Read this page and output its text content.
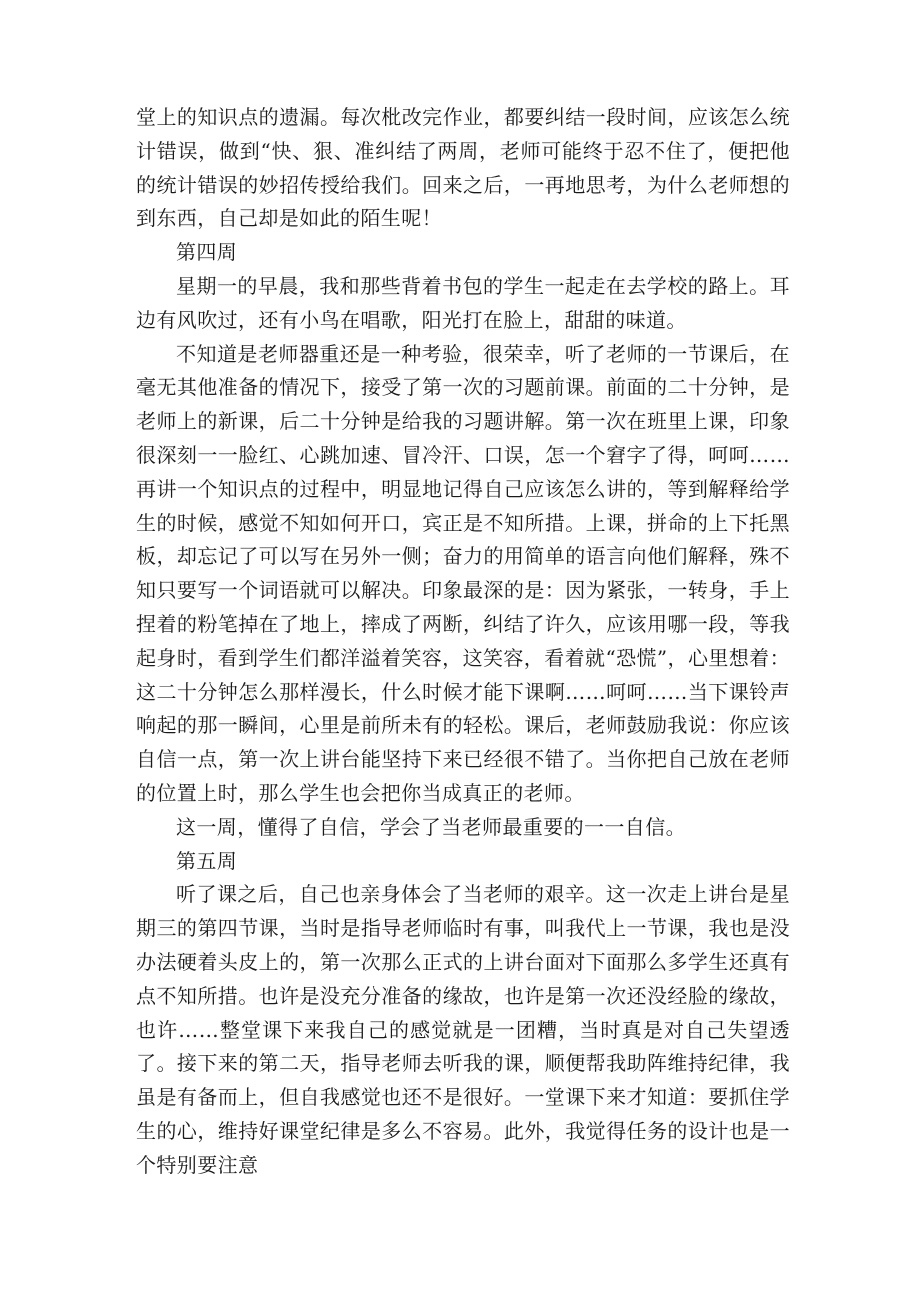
堂上的知识点的遗漏。每次枇改完作业，都要纠结一段时间，应该怎么统计错误，做到“快、狠、准纠结了两周，老师可能终于忍不住了，便把他的统计错误的妙招传授给我们。回来之后，一再地思考，为什么老师想的到东西，自己却是如此的陌生呢！

第四周

星期一的早晨，我和那些背着书包的学生一起走在去学校的路上。耳边有风吹过，还有小鸟在唱歌，阳光打在脸上，甜甜的味道。

不知道是老师器重还是一种考验，很荣幸，听了老师的一节课后，在毫无其他准备的情况下，接受了第一次的习题前课。前面的二十分钟，是老师上的新课，后二十分钟是给我的习题讲解。第一次在班里上课，印象很深刻一一脸红、心跳加速、冒冷汗、口误，怎一个窘字了得，呵呵……再讲一个知识点的过程中，明显地记得自己应该怎么讲的，等到解释给学生的时候，感觉不知如何开口，宾正是不知所措。上课，拼命的上下托黑板，却忘记了可以写在另外一侧；奋力的用简单的语言向他们解释，殊不知只要写一个词语就可以解决。印象最深的是：因为紧张，一转身，手上捏着的粉笔掉在了地上，摔成了两断，纠结了许久，应该用哪一段，等我起身时，看到学生们都洋溢着笑容，这笑容，看着就“恐慌”，心里想着：这二十分钟怎么那样漫长，什么时候才能下课啊……呵呵……当下课铃声响起的那一瞬间，心里是前所未有的轻松。课后，老师鼓励我说：你应该自信一点，第一次上讲台能坚持下来已经很不错了。当你把自己放在老师的位置上时，那么学生也会把你当成真正的老师。

这一周，懂得了自信，学会了当老师最重要的一一自信。

第五周

听了课之后，自己也亲身体会了当老师的艰辛。这一次走上讲台是星期三的第四节课，当时是指导老师临时有事，叫我代上一节课，我也是没办法硬着头皮上的，第一次那么正式的上讲台面对下面那么多学生还真有点不知所措。也许是没充分准备的缘故，也许是第一次还没经脸的缘故，也许……整堂课下来我自己的感觉就是一团糟，当时真是对自己失望透了。接下来的第二天，指导老师去听我的课，顺便帮我助阵维持纪律，我虽是有备而上，但自我感觉也还不是很好。一堂课下来才知道：要抓住学生的心，维持好课堂纪律是多么不容易。此外，我觉得任务的设计也是一个特别要注意
